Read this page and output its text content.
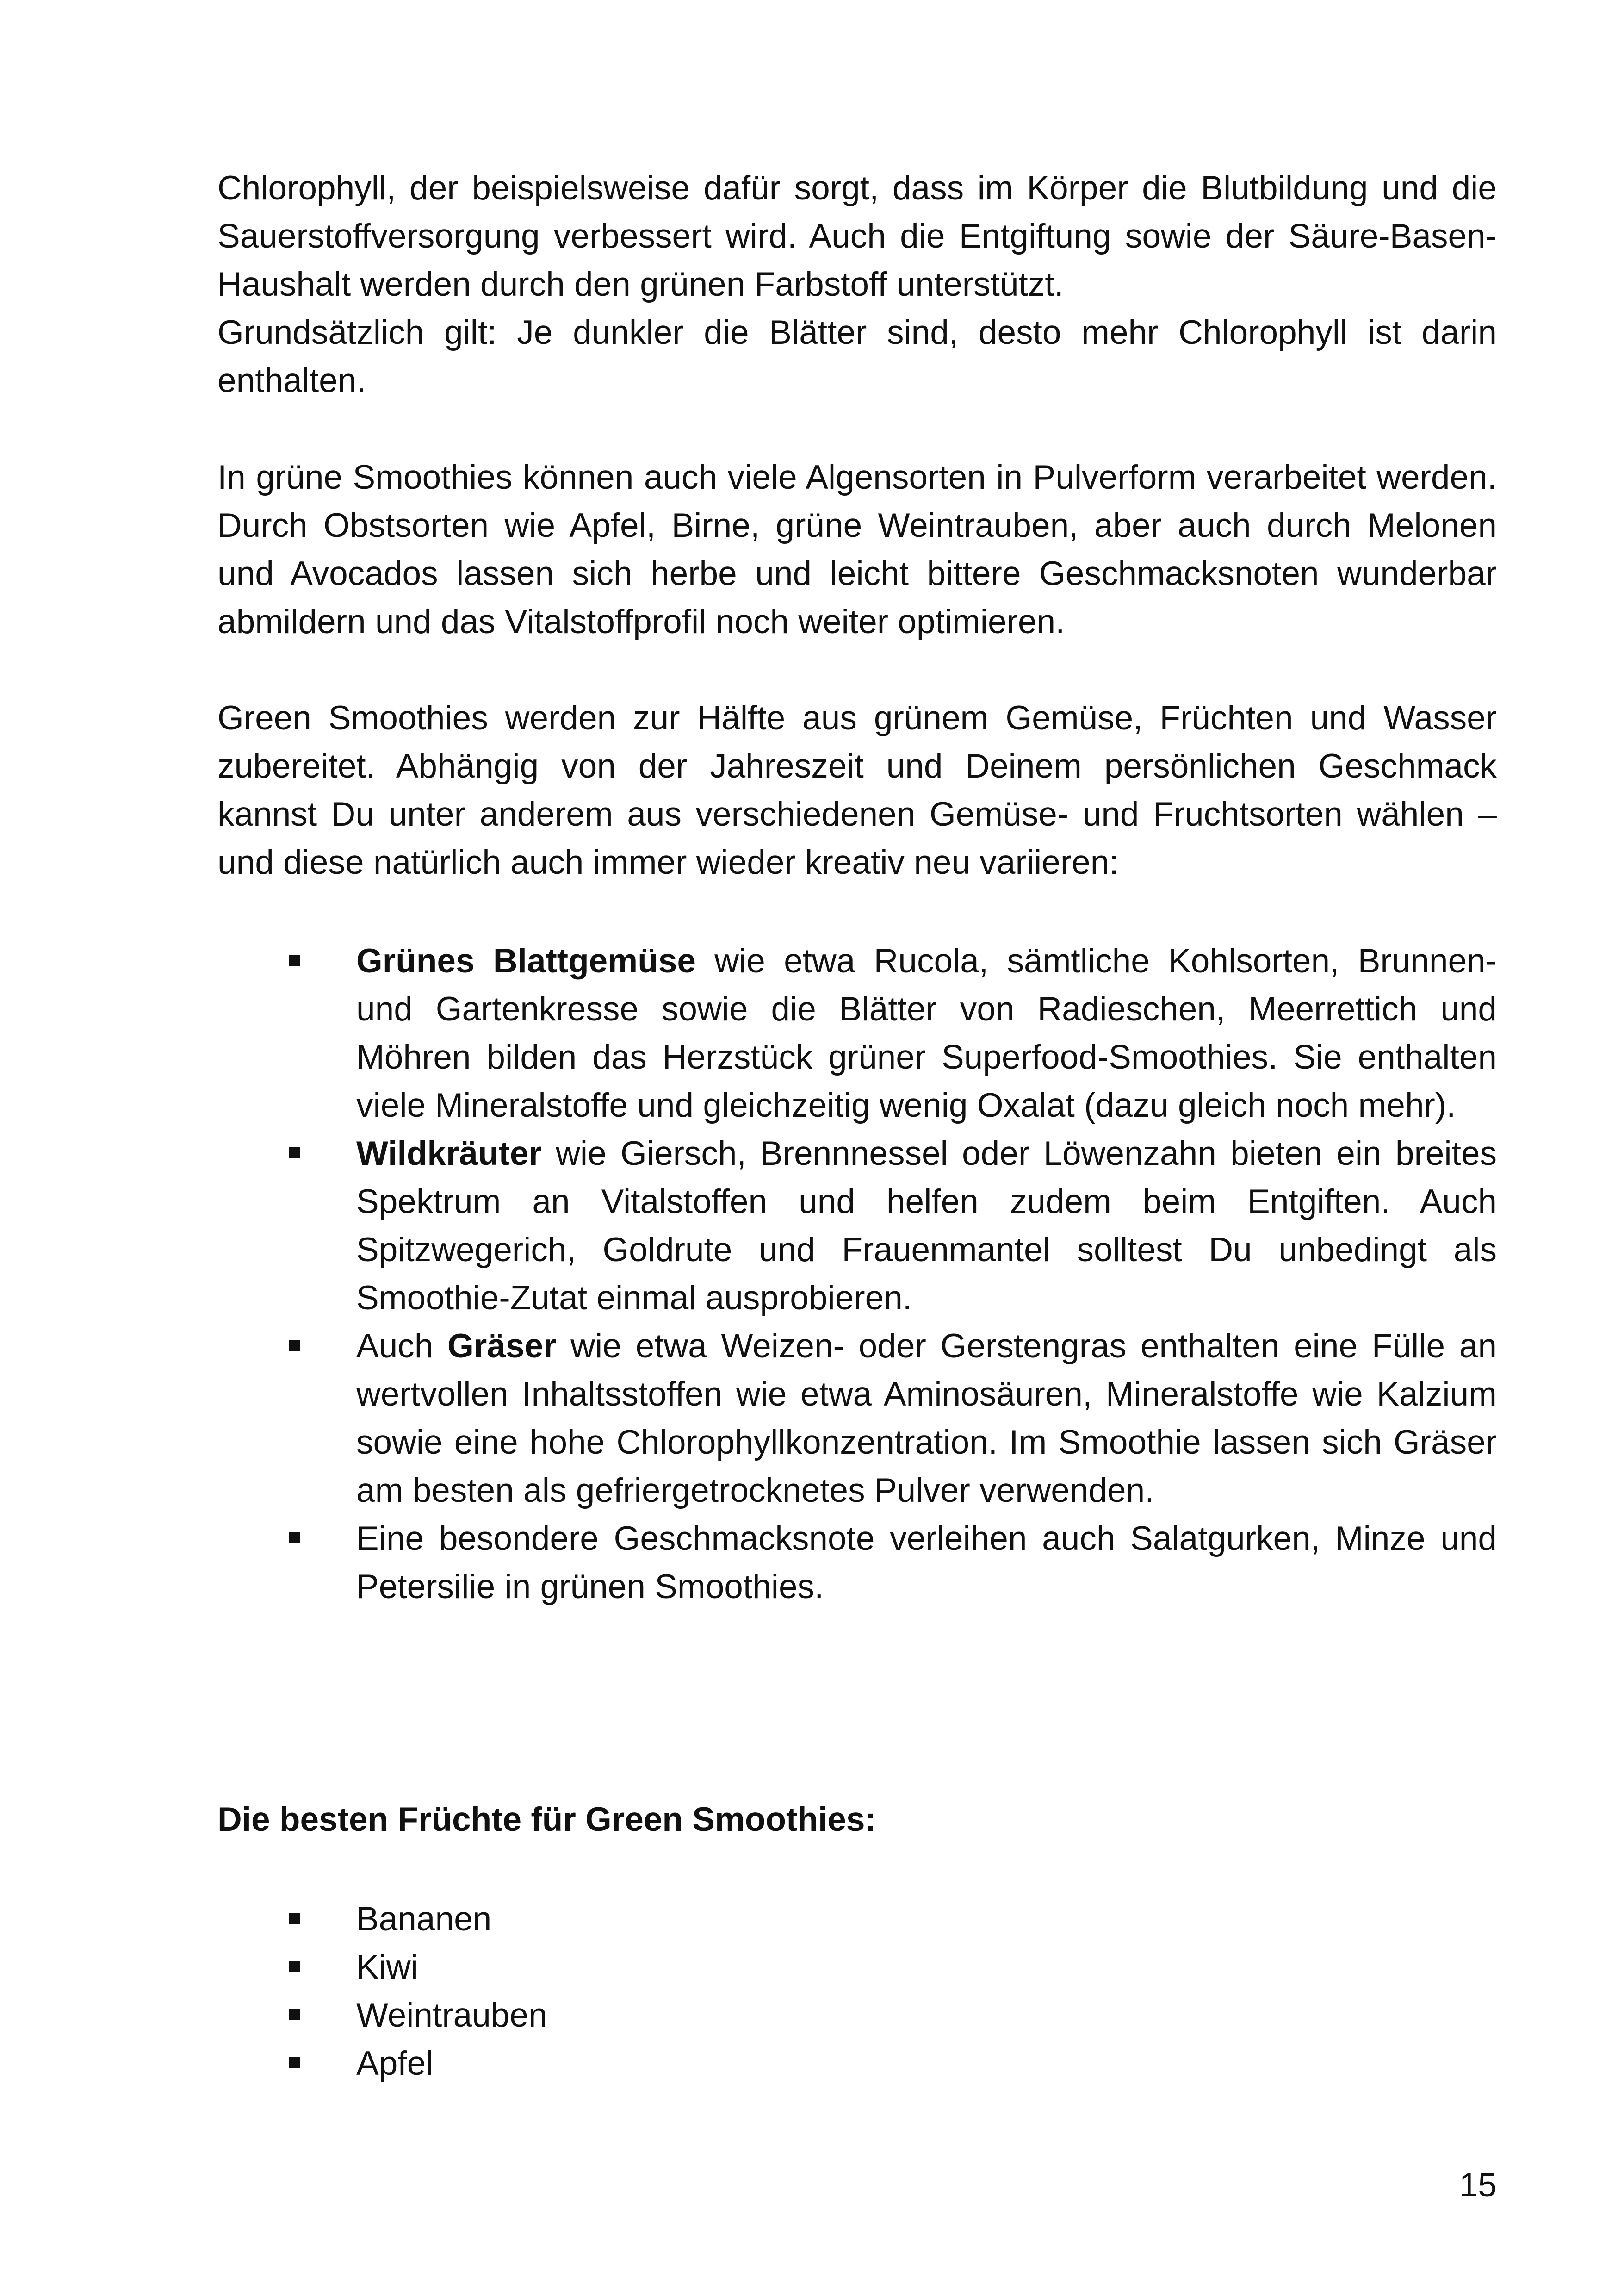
Chlorophyll, der beispielsweise dafür sorgt, dass im Körper die Blutbildung und die Sauerstoffversorgung verbessert wird. Auch die Entgiftung sowie der Säure-Basen-Haushalt werden durch den grünen Farbstoff unterstützt.

Grundsätzlich gilt: Je dunkler die Blätter sind, desto mehr Chlorophyll ist darin enthalten.

In grüne Smoothies können auch viele Algensorten in Pulverform verarbeitet werden. Durch Obstsorten wie Apfel, Birne, grüne Weintrauben, aber auch durch Melonen und Avocados lassen sich herbe und leicht bittere Geschmacksnoten wunderbar abmildern und das Vitalstoffprofil noch weiter optimieren.

Green Smoothies werden zur Hälfte aus grünem Gemüse, Früchten und Wasser zubereitet. Abhängig von der Jahreszeit und Deinem persönlichen Geschmack kannst Du unter anderem aus verschiedenen Gemüse- und Fruchtsorten wählen – und diese natürlich auch immer wieder kreativ neu variieren:

Grünes Blattgemüse wie etwa Rucola, sämtliche Kohlsorten, Brunnen- und Gartenkresse sowie die Blätter von Radieschen, Meerrettich und Möhren bilden das Herzstück grüner Superfood-Smoothies. Sie enthalten viele Mineralstoffe und gleichzeitig wenig Oxalat (dazu gleich noch mehr).
Wildkräuter wie Giersch, Brennnessel oder Löwenzahn bieten ein breites Spektrum an Vitalstoffen und helfen zudem beim Entgiften. Auch Spitzwegerich, Goldrute und Frauenmantel solltest Du unbedingt als Smoothie-Zutat einmal ausprobieren.
Auch Gräser wie etwa Weizen- oder Gerstengras enthalten eine Fülle an wertvollen Inhaltsstoffen wie etwa Aminosäuren, Mineralstoffe wie Kalzium sowie eine hohe Chlorophyllkonzentration. Im Smoothie lassen sich Gräser am besten als gefriergetrocknetes Pulver verwenden.
Eine besondere Geschmacksnote verleihen auch Salatgurken, Minze und Petersilie in grünen Smoothies.
Die besten Früchte für Green Smoothies:
Bananen
Kiwi
Weintrauben
Apfel
15
